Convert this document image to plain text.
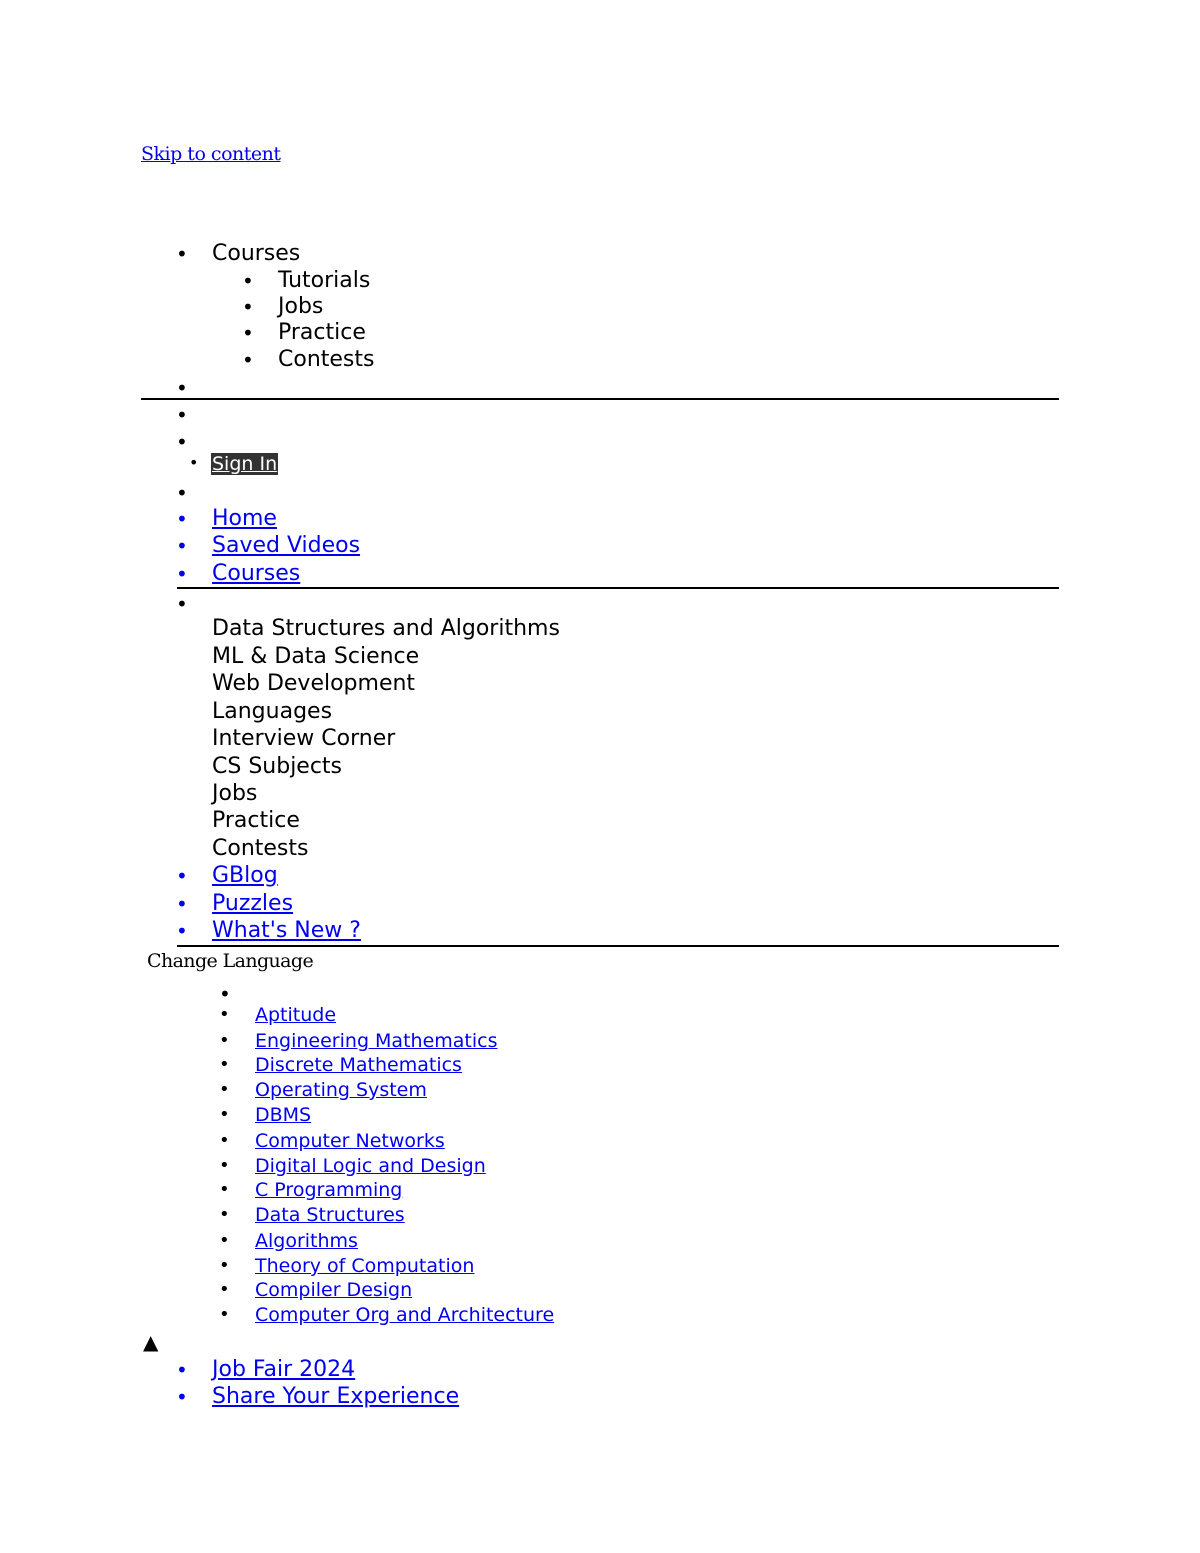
Skip to content
• Courses
• Tutorials
• Jobs
• Practice
• Contests
•
•
•
• Sign In
•
• Home
• Saved Videos
• Courses
•
Data Structures and Algorithms
ML & Data Science
Web Development
Languages
Interview Corner
CS Subjects
Jobs
Practice
Contests
• GBlog
• Puzzles
• What's New ?
Change Language
•
• Aptitude
• Engineering Mathematics
• Discrete Mathematics
• Operating System
• DBMS
• Computer Networks
• Digital Logic and Design
• C Programming
• Data Structures
• Algorithms
• Theory of Computation
• Compiler Design
• Computer Org and Architecture
▲
• Job Fair 2024
• Share Your Experience
